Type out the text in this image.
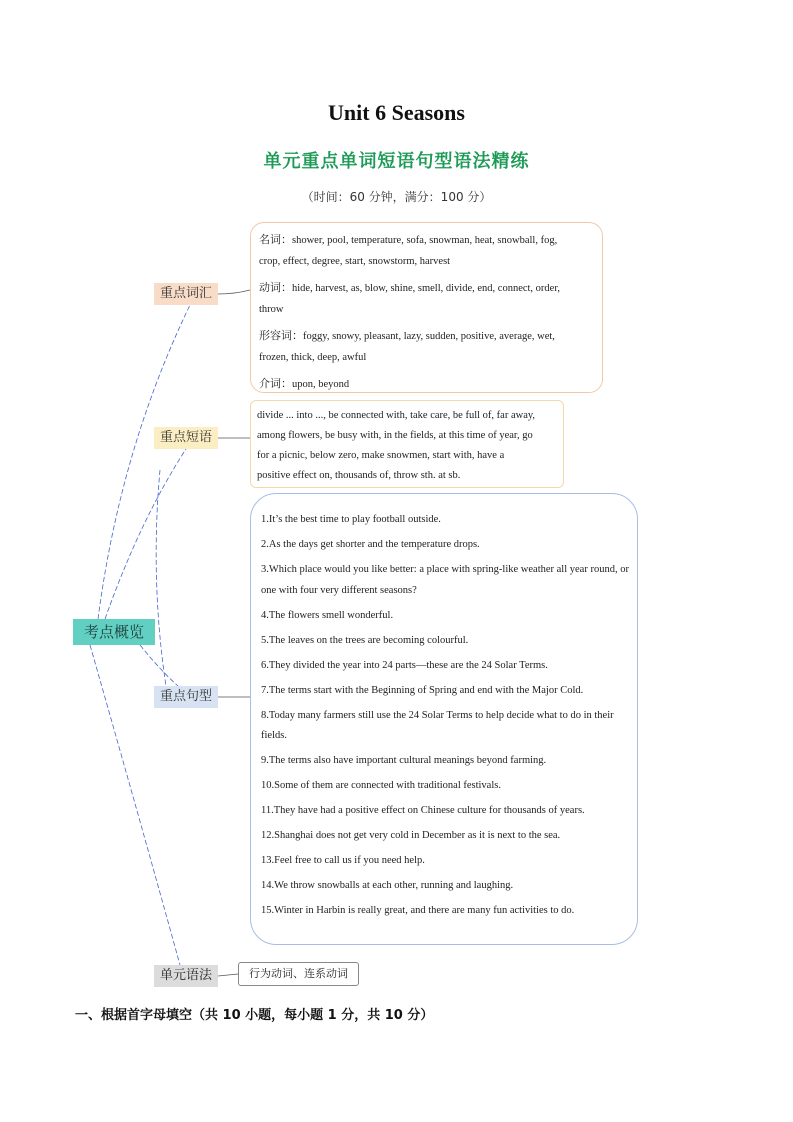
Unit 6 Seasons
单元重点单词短语句型语法精练
（时间：60 分钟，满分：100 分）
考点概览
重点词汇
重点短语
重点句型
单元语法
名词：shower, pool, temperature, sofa, snowman, heat, snowball, fog,
crop, effect, degree, start, snowstorm, harvest
动词：hide, harvest, as, blow, shine, smell, divide, end, connect, order,
throw
形容词：foggy, snowy, pleasant, lazy, sudden, positive, average, wet,
frozen, thick, deep, awful
介词：upon, beyond
divide ... into ..., be connected with, take care, be full of, far away,
among flowers, be busy with, in the fields, at this time of year, go
for a picnic, below zero, make snowmen, start with, have a
positive effect on, thousands of, throw sth. at sb.
1.It’s the best time to play football outside.
2.As the days get shorter and the temperature drops.
3.Which place would you like better: a place with spring-like weather all year round, or one with four very different seasons?
4.The flowers smell wonderful.
5.The leaves on the trees are becoming colourful.
6.They divided the year into 24 parts—these are the 24 Solar Terms.
7.The terms start with the Beginning of Spring and end with the Major Cold.
8.Today many farmers still use the 24 Solar Terms to help decide what to do in their fields.
9.The terms also have important cultural meanings beyond farming.
10.Some of them are connected with traditional festivals.
11.They have had a positive effect on Chinese culture for thousands of years.
12.Shanghai does not get very cold in December as it is next to the sea.
13.Feel free to call us if you need help.
14.We throw snowballs at each other, running and laughing.
15.Winter in Harbin is really great, and there are many fun activities to do.
行为动词、连系动词
一、根据首字母填空（共 10 小题，每小题 1 分，共 10 分）
